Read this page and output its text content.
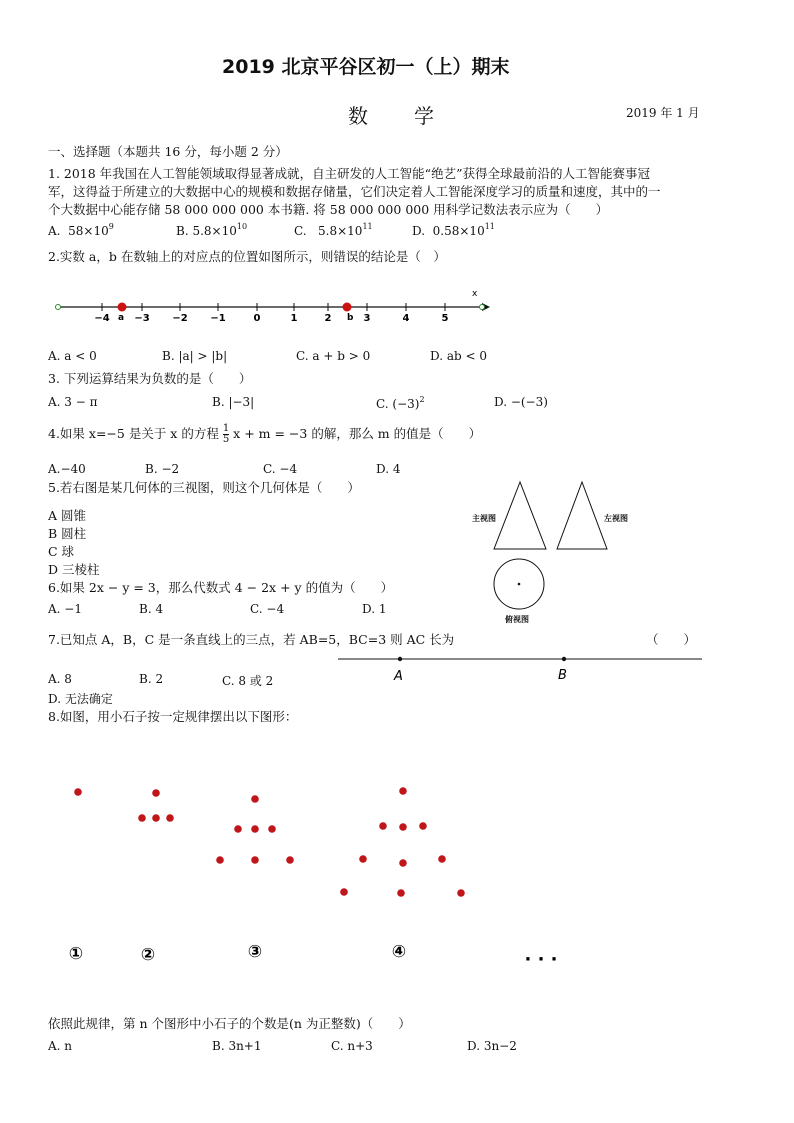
2019 北京平谷区初一（上）期末
数学	2019 年 1 月
一、选择题（本题共 16 分，每小题 2 分）
1. 2018 年我国在人工智能领域取得显著成就，自主研发的人工智能“绝艺”获得全球最前沿的人工智能赛事冠
军，这得益于所建立的大数据中心的规模和数据存储量，它们决定着人工智能深度学习的质量和速度，其中的一
个大数据中心能存储 58 000 000 000 本书籍. 将 58 000 000 000 用科学记数法表示应为（　　）
A. $58\times 10^9$	B. $5.8\times 10^{10}$	C. $5.8\times 10^{11}$	D. $0.58\times 10^{11}$
2.实数 a，b 在数轴上的对应点的位置如图所示，则错误的结论是（　）
x
−4 −3 −2 −1	0	1	2	3	4	5
a	b
A. a < 0	B. |a| > |b|	C. a + b > 0	D. ab < 0
3. 下列运算结果为负数的是（　　）
A. 3 − π	B. |−3|	C. $(-3)^2$	D. −(−3)
4.如果 x=−5 是关于 x 的方程 $\frac{1}{5}$ x + m = −3 的解，那么 m 的值是（　　）
A.−40	B. −2	C. −4	D. 4
5.若右图是某几何体的三视图，则这个几何体是（　　）
A 圆锥
B 圆柱
C 球
D 三棱柱
主视图	左视图
俯视图
6.如果 2x − y = 3，那么代数式 4 − 2x + y 的值为（　　）
A. −1	B. 4	C. −4	D. 1
7.已知点 A，B，C 是一条直线上的三点，若 AB=5，BC=3 则 AC 长为	（　　）
A	B
A. 8	B. 2	C. 8 或 2
D. 无法确定
8.如图，用小石子按一定规律摆出以下图形：
①	②	③	④	· · ·
依照此规律，第 n 个图形中小石子的个数是(n 为正整数)（　　）
A. n	B. 3n+1	C. n+3	D. 3n−2
